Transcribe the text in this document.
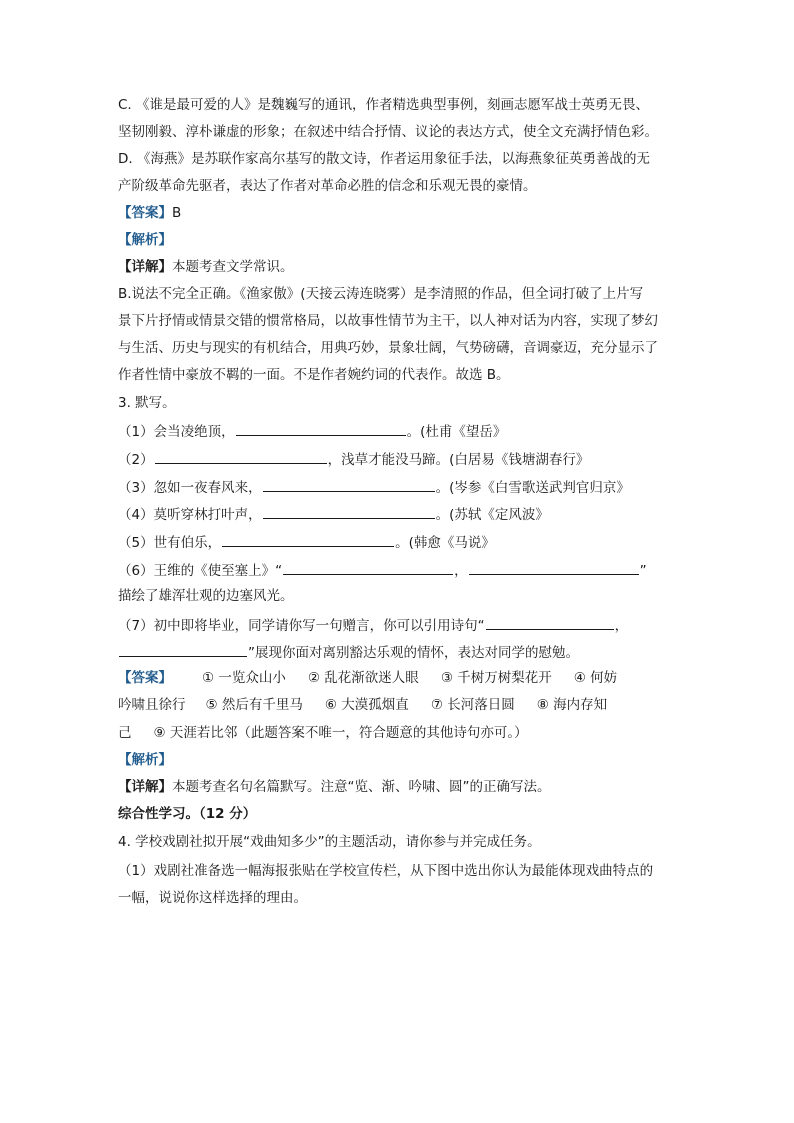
C. 《谁是最可爱的人》是魏巍写的通讯，作者精选典型事例，刻画志愿军战士英勇无畏、
坚韧刚毅、淳朴谦虚的形象；在叙述中结合抒情、议论的表达方式，使全文充满抒情色彩。
D. 《海燕》是苏联作家高尔基写的散文诗，作者运用象征手法，以海燕象征英勇善战的无
产阶级革命先驱者，表达了作者对革命必胜的信念和乐观无畏的豪情。
【答案】B
【解析】
【详解】本题考查文学常识。
B.说法不完全正确。《渔家傲》(天接云涛连晓雾）是李清照的作品，但全词打破了上片写
景下片抒情或情景交错的惯常格局，以故事性情节为主干，以人神对话为内容，实现了梦幻
与生活、历史与现实的有机结合，用典巧妙，景象壮阔，气势磅礴，音调豪迈，充分显示了
作者性情中豪放不羁的一面。不是作者婉约词的代表作。故选 B。
3. 默写。
（1）会当凌绝顶，	。(杜甫《望岳》
（2）	，浅草才能没马蹄。(白居易《钱塘湖春行》
（3）忽如一夜春风来，	。(岑参《白雪歌送武判官归京》
（4）莫听穿林打叶声，	。(苏轼《定风波》
（5）世有伯乐，	。(韩愈《马说》
（6）王维的《使至塞上》“	，	”
描绘了雄浑壮观的边塞风光。
（7）初中即将毕业，同学请你写一句赠言，你可以引用诗句“	，
”展现你面对离别豁达乐观的情怀，表达对同学的慰勉。
【答案】 ① 一览众山小 ② 乱花渐欲迷人眼 ③ 千树万树梨花开 ④ 何妨
吟啸且徐行 ⑤ 然后有千里马 ⑥ 大漠孤烟直 ⑦ 长河落日圆 ⑧ 海内存知
己 ⑨ 天涯若比邻（此题答案不唯一，符合题意的其他诗句亦可。）
【解析】
【详解】本题考查名句名篇默写。注意“览、渐、吟啸、圆”的正确写法。
综合性学习。（12 分）
4. 学校戏剧社拟开展“戏曲知多少”的主题活动，请你参与并完成任务。
（1）戏剧社准备选一幅海报张贴在学校宣传栏，从下图中选出你认为最能体现戏曲特点的
一幅，说说你这样选择的理由。
